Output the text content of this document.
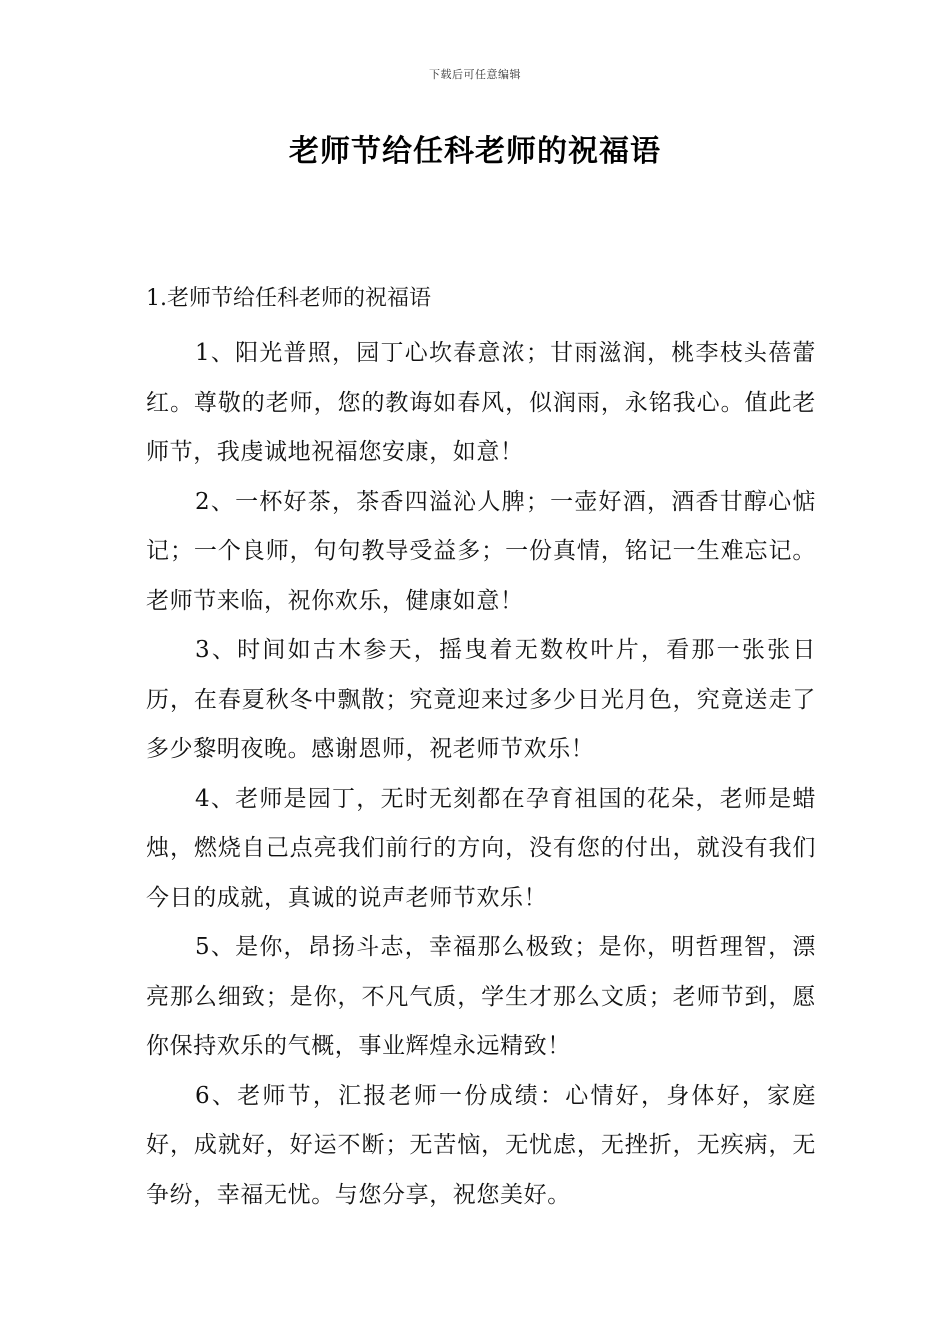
下载后可任意编辑
老师节给任科老师的祝福语

1.老师节给任科老师的祝福语

1、阳光普照，园丁心坎春意浓；甘雨滋润，桃李枝头蓓蕾红。尊敬的老师，您的教诲如春风，似润雨，永铭我心。值此老师节，我虔诚地祝福您安康，如意！

2、一杯好茶，茶香四溢沁人脾；一壶好酒，酒香甘醇心惦记；一个良师，句句教导受益多；一份真情，铭记一生难忘记。老师节来临，祝你欢乐，健康如意！

3、时间如古木参天，摇曳着无数枚叶片，看那一张张日历，在春夏秋冬中飘散；究竟迎来过多少日光月色，究竟送走了多少黎明夜晚。感谢恩师，祝老师节欢乐！

4、老师是园丁，无时无刻都在孕育祖国的花朵，老师是蜡烛，燃烧自己点亮我们前行的方向，没有您的付出，就没有我们今日的成就，真诚的说声老师节欢乐！

5、是你，昂扬斗志，幸福那么极致；是你，明哲理智，漂亮那么细致；是你，不凡气质，学生才那么文质；老师节到，愿你保持欢乐的气概，事业辉煌永远精致！

6、老师节，汇报老师一份成绩：心情好，身体好，家庭好，成就好，好运不断；无苦恼，无忧虑，无挫折，无疾病，无争纷，幸福无忧。与您分享，祝您美好。
